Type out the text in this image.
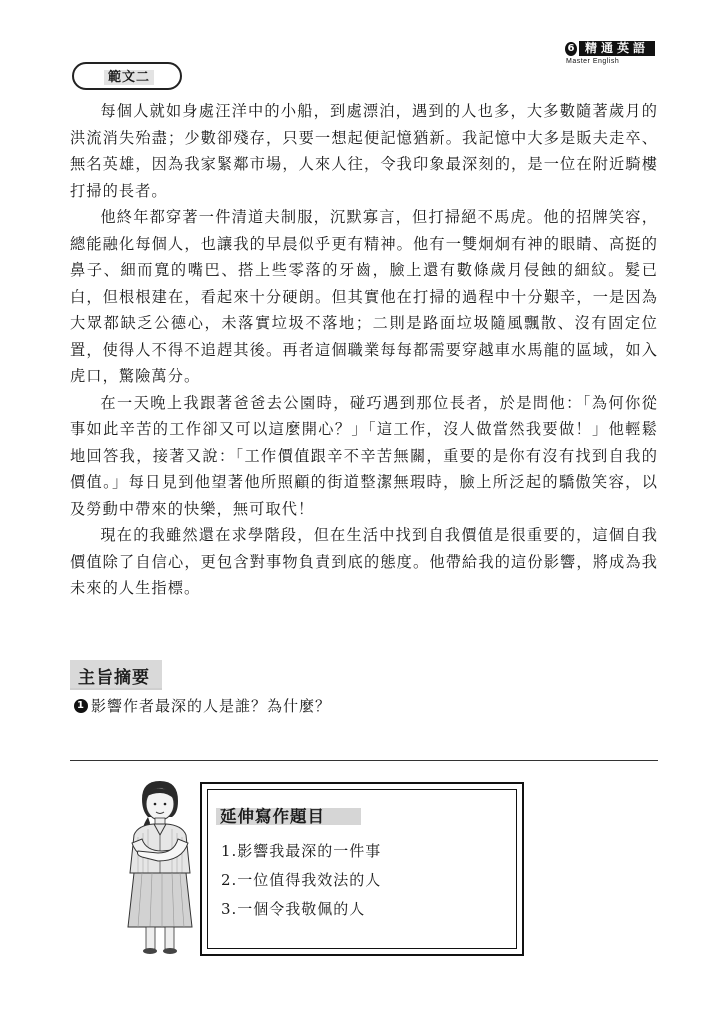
6 精通英語
Master English
範文二

每個人就如身處汪洋中的小船，到處漂泊，遇到的人也多，大多數隨著歲月的洪流消失殆盡；少數卻殘存，只要一想起便記憶猶新。我記憶中大多是販夫走卒、無名英雄，因為我家緊鄰市場，人來人往，令我印象最深刻的，是一位在附近騎樓打掃的長者。

他終年都穿著一件清道夫制服，沉默寡言，但打掃絕不馬虎。他的招牌笑容，總能融化每個人，也讓我的早晨似乎更有精神。他有一雙炯炯有神的眼睛、高挺的鼻子、細而寬的嘴巴、搭上些零落的牙齒，臉上還有數條歲月侵蝕的細紋。髮已白，但根根建在，看起來十分硬朗。但其實他在打掃的過程中十分艱辛，一是因為大眾都缺乏公德心，未落實垃圾不落地；二則是路面垃圾隨風飄散、沒有固定位置，使得人不得不追趕其後。再者這個職業每每都需要穿越車水馬龍的區域，如入虎口，驚險萬分。

在一天晚上我跟著爸爸去公園時，碰巧遇到那位長者，於是問他：「為何你從事如此辛苦的工作卻又可以這麼開心？」「這工作，沒人做當然我要做！」他輕鬆地回答我，接著又說：「工作價值跟辛不辛苦無關，重要的是你有沒有找到自我的價值。」每日見到他望著他所照顧的街道整潔無瑕時，臉上所泛起的驕傲笑容，以及勞動中帶來的快樂，無可取代！

現在的我雖然還在求學階段，但在生活中找到自我價值是很重要的，這個自我價值除了自信心，更包含對事物負責到底的態度。他帶給我的這份影響，將成為我未來的人生指標。

主旨摘要
1 影響作者最深的人是誰？為什麼？
延伸寫作題目
1.影響我最深的一件事
2.一位值得我效法的人
3.一個令我敬佩的人
